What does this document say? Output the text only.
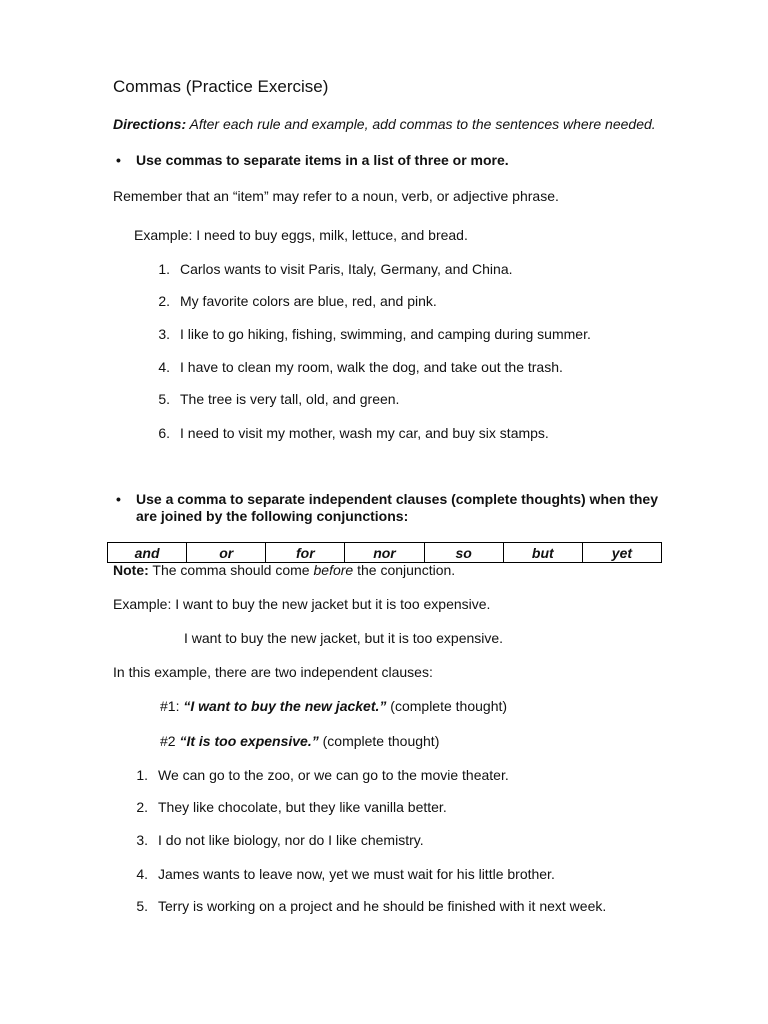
Commas (Practice Exercise)
Directions: After each rule and example, add commas to the sentences where needed.
• Use commas to separate items in a list of three or more.
Remember that an “item” may refer to a noun, verb, or adjective phrase.
Example: I need to buy eggs, milk, lettuce, and bread.
1. Carlos wants to visit Paris, Italy, Germany, and China.
2. My favorite colors are blue, red, and pink.
3. I like to go hiking, fishing, swimming, and camping during summer.
4. I have to clean my room, walk the dog, and take out the trash.
5. The tree is very tall, old, and green.
6. I need to visit my mother, wash my car, and buy six stamps.
• Use a comma to separate independent clauses (complete thoughts) when they
are joined by the following conjunctions:
and	or	for	nor	so	but	yet
Note: The comma should come before the conjunction.
Example: I want to buy the new jacket but it is too expensive.
I want to buy the new jacket, but it is too expensive.
In this example, there are two independent clauses:
#1: “I want to buy the new jacket.” (complete thought)
#2 “It is too expensive.” (complete thought)
1. We can go to the zoo, or we can go to the movie theater.
2. They like chocolate, but they like vanilla better.
3. I do not like biology, nor do I like chemistry.
4. James wants to leave now, yet we must wait for his little brother.
5. Terry is working on a project and he should be finished with it next week.
